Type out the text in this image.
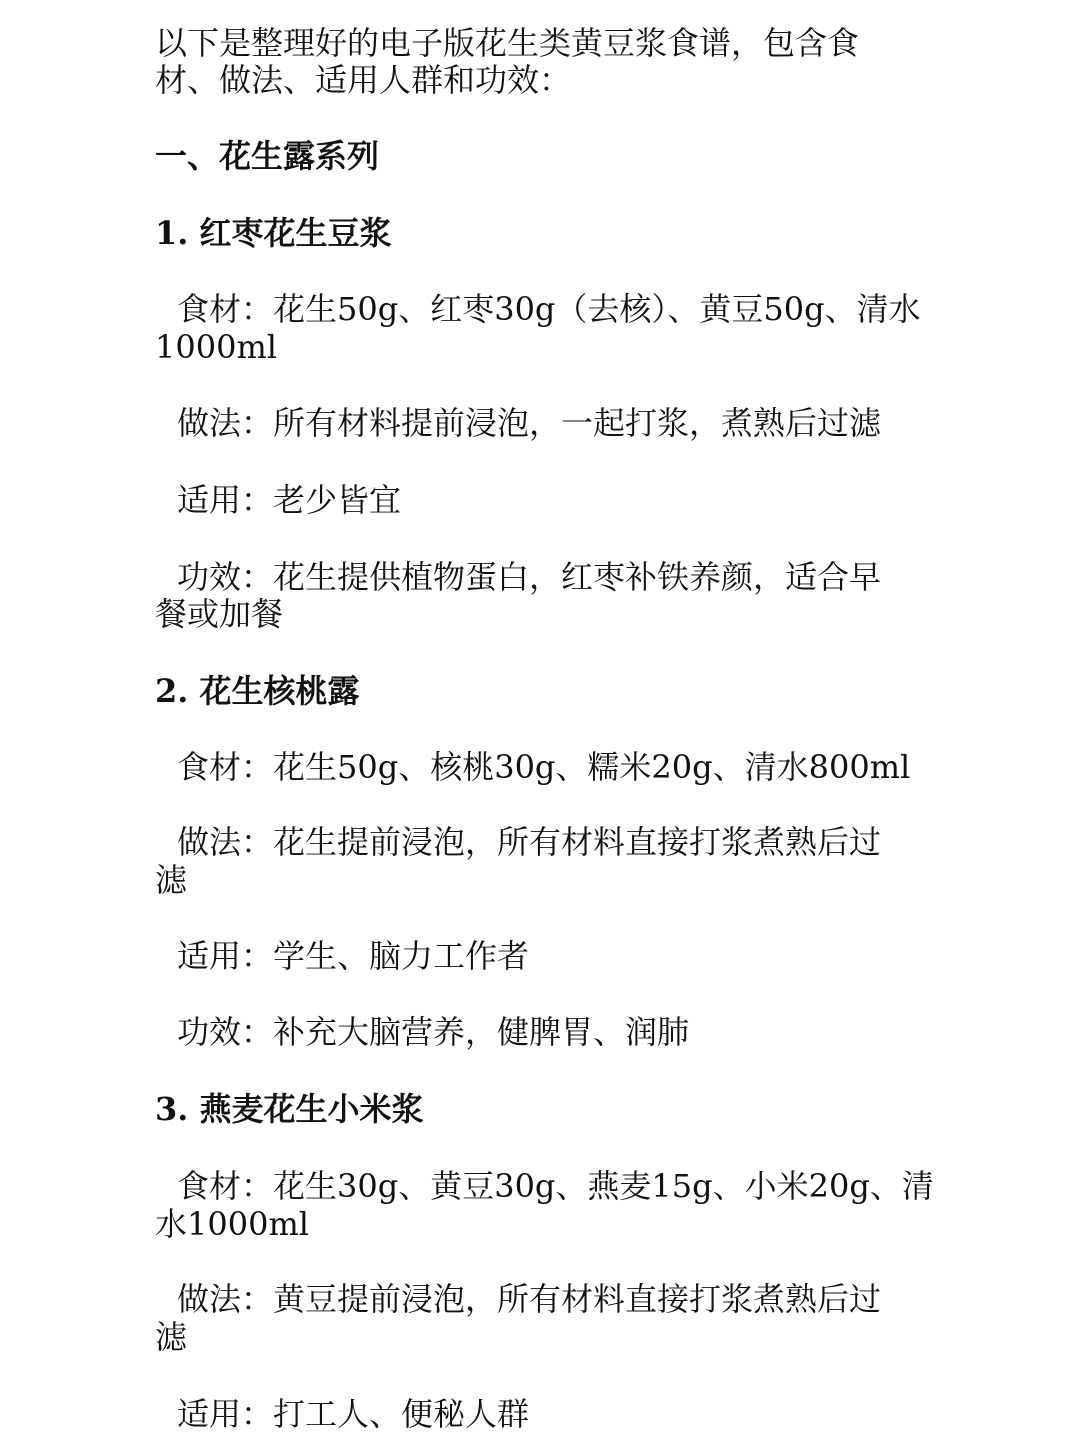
以下是整理好的电子版花生类黄豆浆食谱，包含食
材、做法、适用人群和功效：
一、花生露系列
1. 红枣花生豆浆
食材：花生50g、红枣30g（去核）、黄豆50g、清水
1000ml
做法：所有材料提前浸泡，一起打浆，煮熟后过滤
适用：老少皆宜
功效：花生提供植物蛋白，红枣补铁养颜，适合早
餐或加餐
2. 花生核桃露
食材：花生50g、核桃30g、糯米20g、清水800ml
做法：花生提前浸泡，所有材料直接打浆煮熟后过
滤
适用：学生、脑力工作者
功效：补充大脑营养，健脾胃、润肺
3. 燕麦花生小米浆
食材：花生30g、黄豆30g、燕麦15g、小米20g、清
水1000ml
做法：黄豆提前浸泡，所有材料直接打浆煮熟后过
滤
适用：打工人、便秘人群
